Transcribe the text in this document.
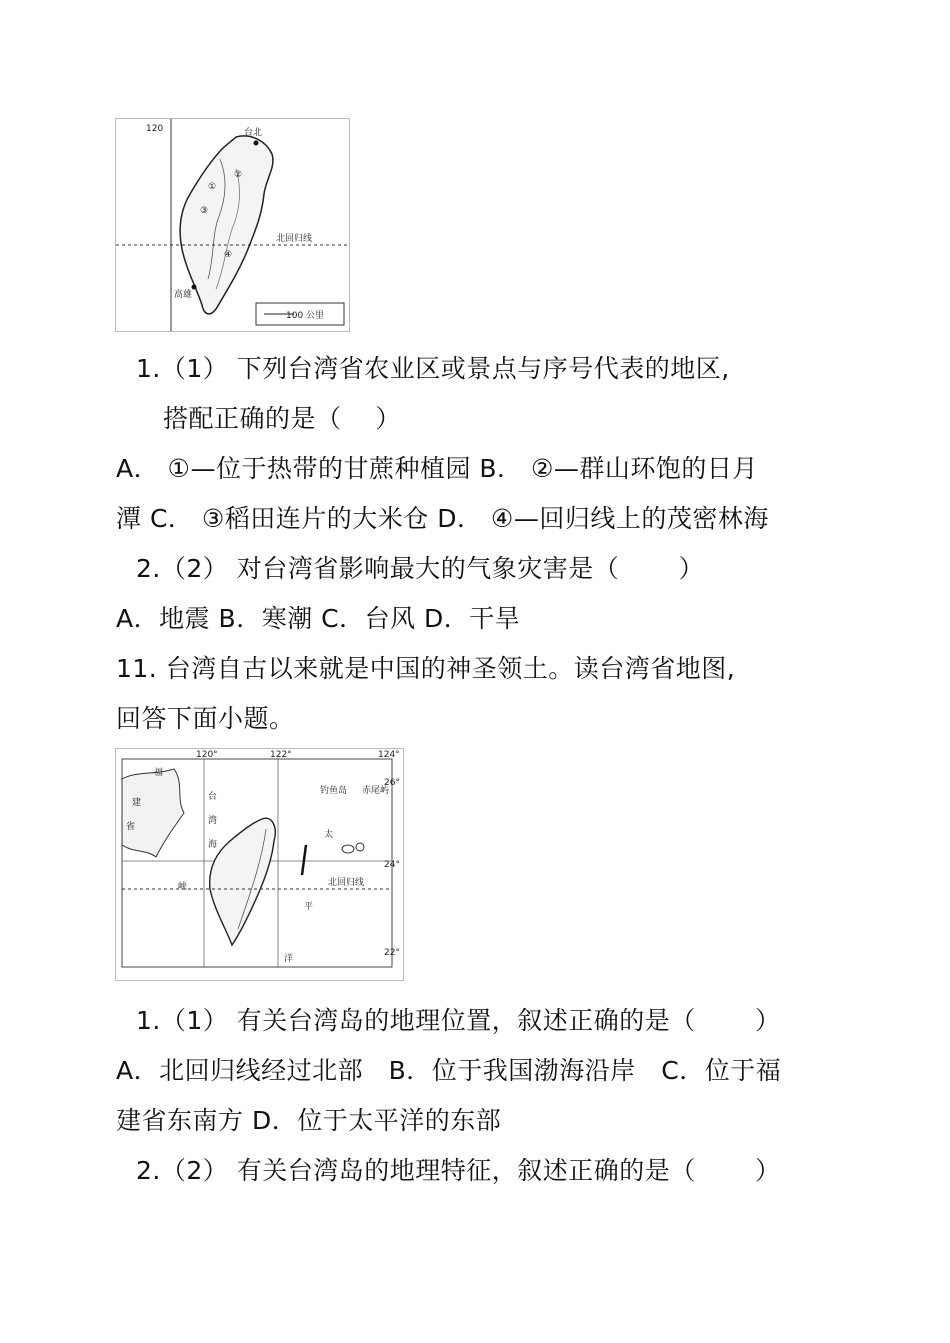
120	台北
高雄
北回归线
①
②
③
④
100 公里
1.（1） 下列台湾省农业区或景点与序号代表的地区,
搭配正确的是（　 ）
A． ①—位于热带的甘蔗种植园 B． ②—群山环饱的日月
潭 C． ③稻田连片的大米仓 D． ④—回归线上的茂密林海
2.（2） 对台湾省影响最大的气象灾害是（　　 ）
A．地震 B．寒潮 C．台风 D．干旱
11. 台湾自古以来就是中国的神圣领土。读台湾省地图,
回答下面小题。
120°	122°	124°
26°
24°
22°
福
建
省
台
湾
海
峡	北回归线
钓鱼岛 赤尾屿
太
平
洋
1.（1） 有关台湾岛的地理位置，叙述正确的是（　　 ）
A．北回归线经过北部　B．位于我国渤海沿岸　C．位于福
建省东南方 D．位于太平洋的东部
2.（2） 有关台湾岛的地理特征，叙述正确的是（　　 ）
